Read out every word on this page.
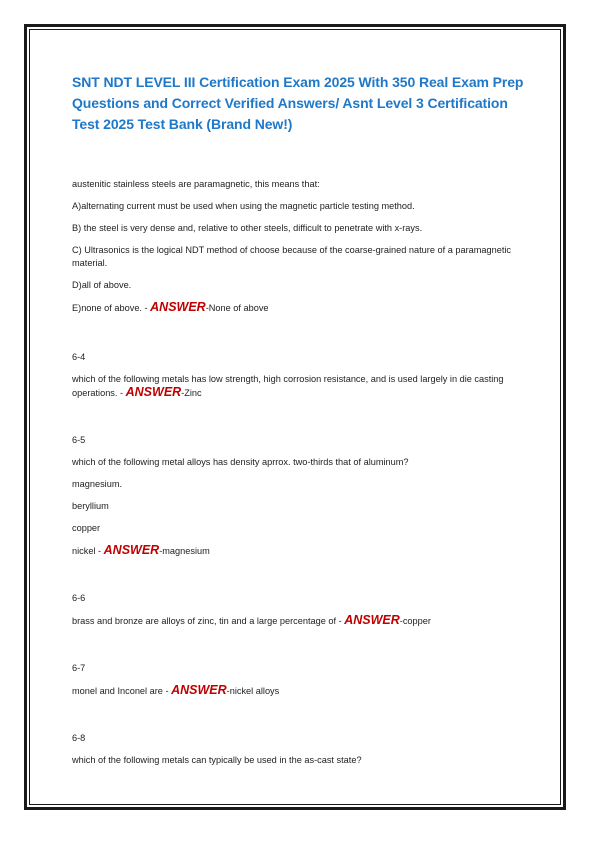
SNT NDT LEVEL III Certification Exam 2025 With 350 Real Exam Prep Questions and Correct Verified Answers/ Asnt Level 3 Certification Test 2025 Test Bank (Brand New!)

austenitic stainless steels are paramagnetic, this means that:

A)alternating current must be used when using the magnetic particle testing method.

B) the steel is very dense and, relative to other steels, difficult to penetrate with x-rays.

C) Ultrasonics is the logical NDT method of choose because of the coarse-grained nature of a paramagnetic material.

D)all of above.

E)none of above. - ANSWER-None of above

6-4

which of the following metals has low strength, high corrosion resistance, and is used largely in die casting operations. - ANSWER-Zinc

6-5

which of the following metal alloys has density aprrox. two-thirds that of aluminum?

magnesium.

beryllium

copper

nickel - ANSWER-magnesium

6-6

brass and bronze are alloys of zinc, tin and a large percentage of - ANSWER-copper

6-7

monel and Inconel are - ANSWER-nickel alloys

6-8

which of the following metals can typically be used in the as-cast state?
